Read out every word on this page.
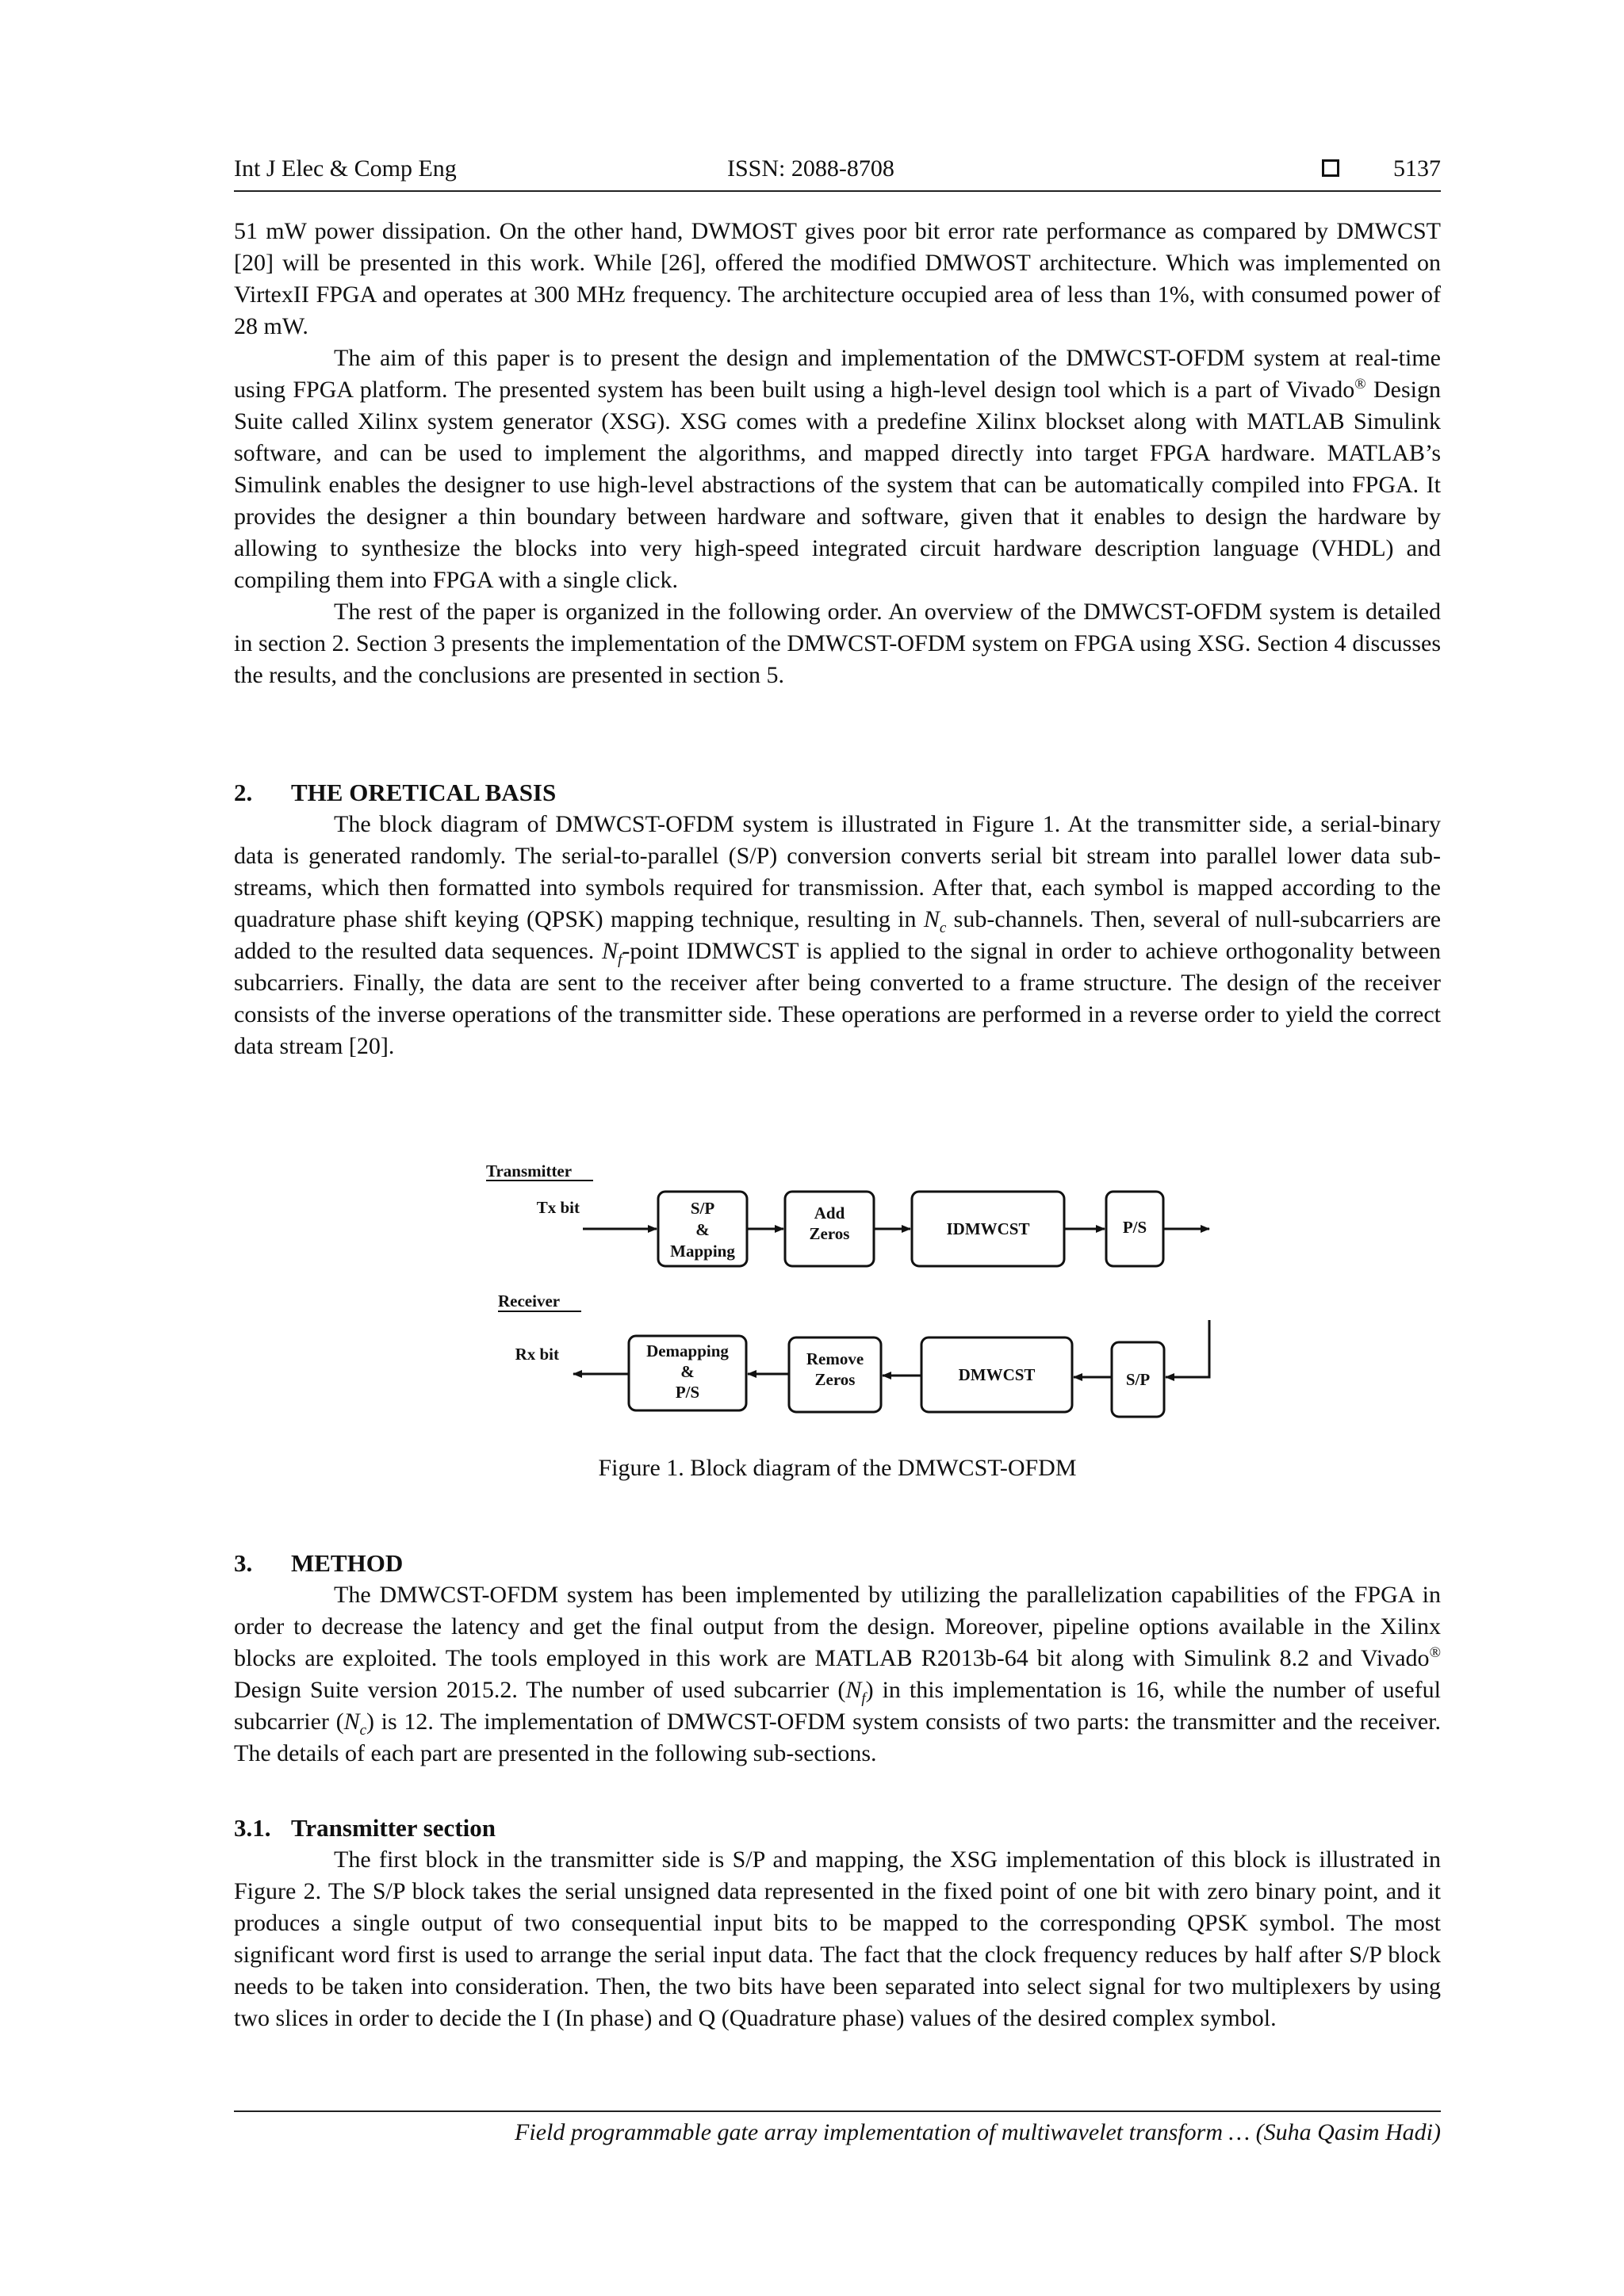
Int J Elec & Comp Eng	ISSN: 2088-8708	5137

51 mW power dissipation. On the other hand, DWMOST gives poor bit error rate performance as compared by DMWCST [20] will be presented in this work. While [26], offered the modified DMWOST architecture. Which was implemented on VirtexII FPGA and operates at 300 MHz frequency. The architecture occupied area of less than 1%, with consumed power of 28 mW.

The aim of this paper is to present the design and implementation of the DMWCST-OFDM system at real-time using FPGA platform. The presented system has been built using a high-level design tool which is a part of Vivado® Design Suite called Xilinx system generator (XSG). XSG comes with a predefine Xilinx blockset along with MATLAB Simulink software, and can be used to implement the algorithms, and mapped directly into target FPGA hardware. MATLAB’s Simulink enables the designer to use high-level abstractions of the system that can be automatically compiled into FPGA. It provides the designer a thin boundary between hardware and software, given that it enables to design the hardware by allowing to synthesize the blocks into very high-speed integrated circuit hardware description language (VHDL) and compiling them into FPGA with a single click.

The rest of the paper is organized in the following order. An overview of the DMWCST-OFDM system is detailed in section 2. Section 3 presents the implementation of the DMWCST-OFDM system on FPGA using XSG. Section 4 discusses the results, and the conclusions are presented in section 5.

2. THE ORETICAL BASIS

The block diagram of DMWCST-OFDM system is illustrated in Figure 1. At the transmitter side, a serial-binary data is generated randomly. The serial-to-parallel (S/P) conversion converts serial bit stream into parallel lower data sub-streams, which then formatted into symbols required for transmission. After that, each symbol is mapped according to the quadrature phase shift keying (QPSK) mapping technique, resulting in $N_c$ sub-channels. Then, several of null-subcarriers are added to the resulted data sequences. $N_f$-point IDMWCST is applied to the signal in order to achieve orthogonality between subcarriers. Finally, the data are sent to the receiver after being converted to a frame structure. The design of the receiver consists of the inverse operations of the transmitter side. These operations are performed in a reverse order to yield the correct data stream [20].

Transmitter
Tx bit	S/P
&
Mapping
Add
Zeros	IDMWCST	P/S
Receiver
Rx bit	Demapping
&
P/S
Remove
Zeros	DMWCST	S/P
Figure 1. Block diagram of the DMWCST-OFDM
3. METHOD

The DMWCST-OFDM system has been implemented by utilizing the parallelization capabilities of the FPGA in order to decrease the latency and get the final output from the design. Moreover, pipeline options available in the Xilinx blocks are exploited. The tools employed in this work are MATLAB R2013b-64 bit along with Simulink 8.2 and Vivado® Design Suite version 2015.2. The number of used subcarrier $(N_f)$ in this implementation is 16, while the number of useful subcarrier $(N_c)$ is 12. The implementation of DMWCST-OFDM system consists of two parts: the transmitter and the receiver. The details of each part are presented in the following sub-sections.

3.1. Transmitter section

The first block in the transmitter side is S/P and mapping, the XSG implementation of this block is illustrated in Figure 2. The S/P block takes the serial unsigned data represented in the fixed point of one bit with zero binary point, and it produces a single output of two consequential input bits to be mapped to the corresponding QPSK symbol. The most significant word first is used to arrange the serial input data. The fact that the clock frequency reduces by half after S/P block needs to be taken into consideration. Then, the two bits have been separated into select signal for two multiplexers by using two slices in order to decide the I (In phase) and Q (Quadrature phase) values of the desired complex symbol.

Field programmable gate array implementation of multiwavelet transform … (Suha Qasim Hadi)
